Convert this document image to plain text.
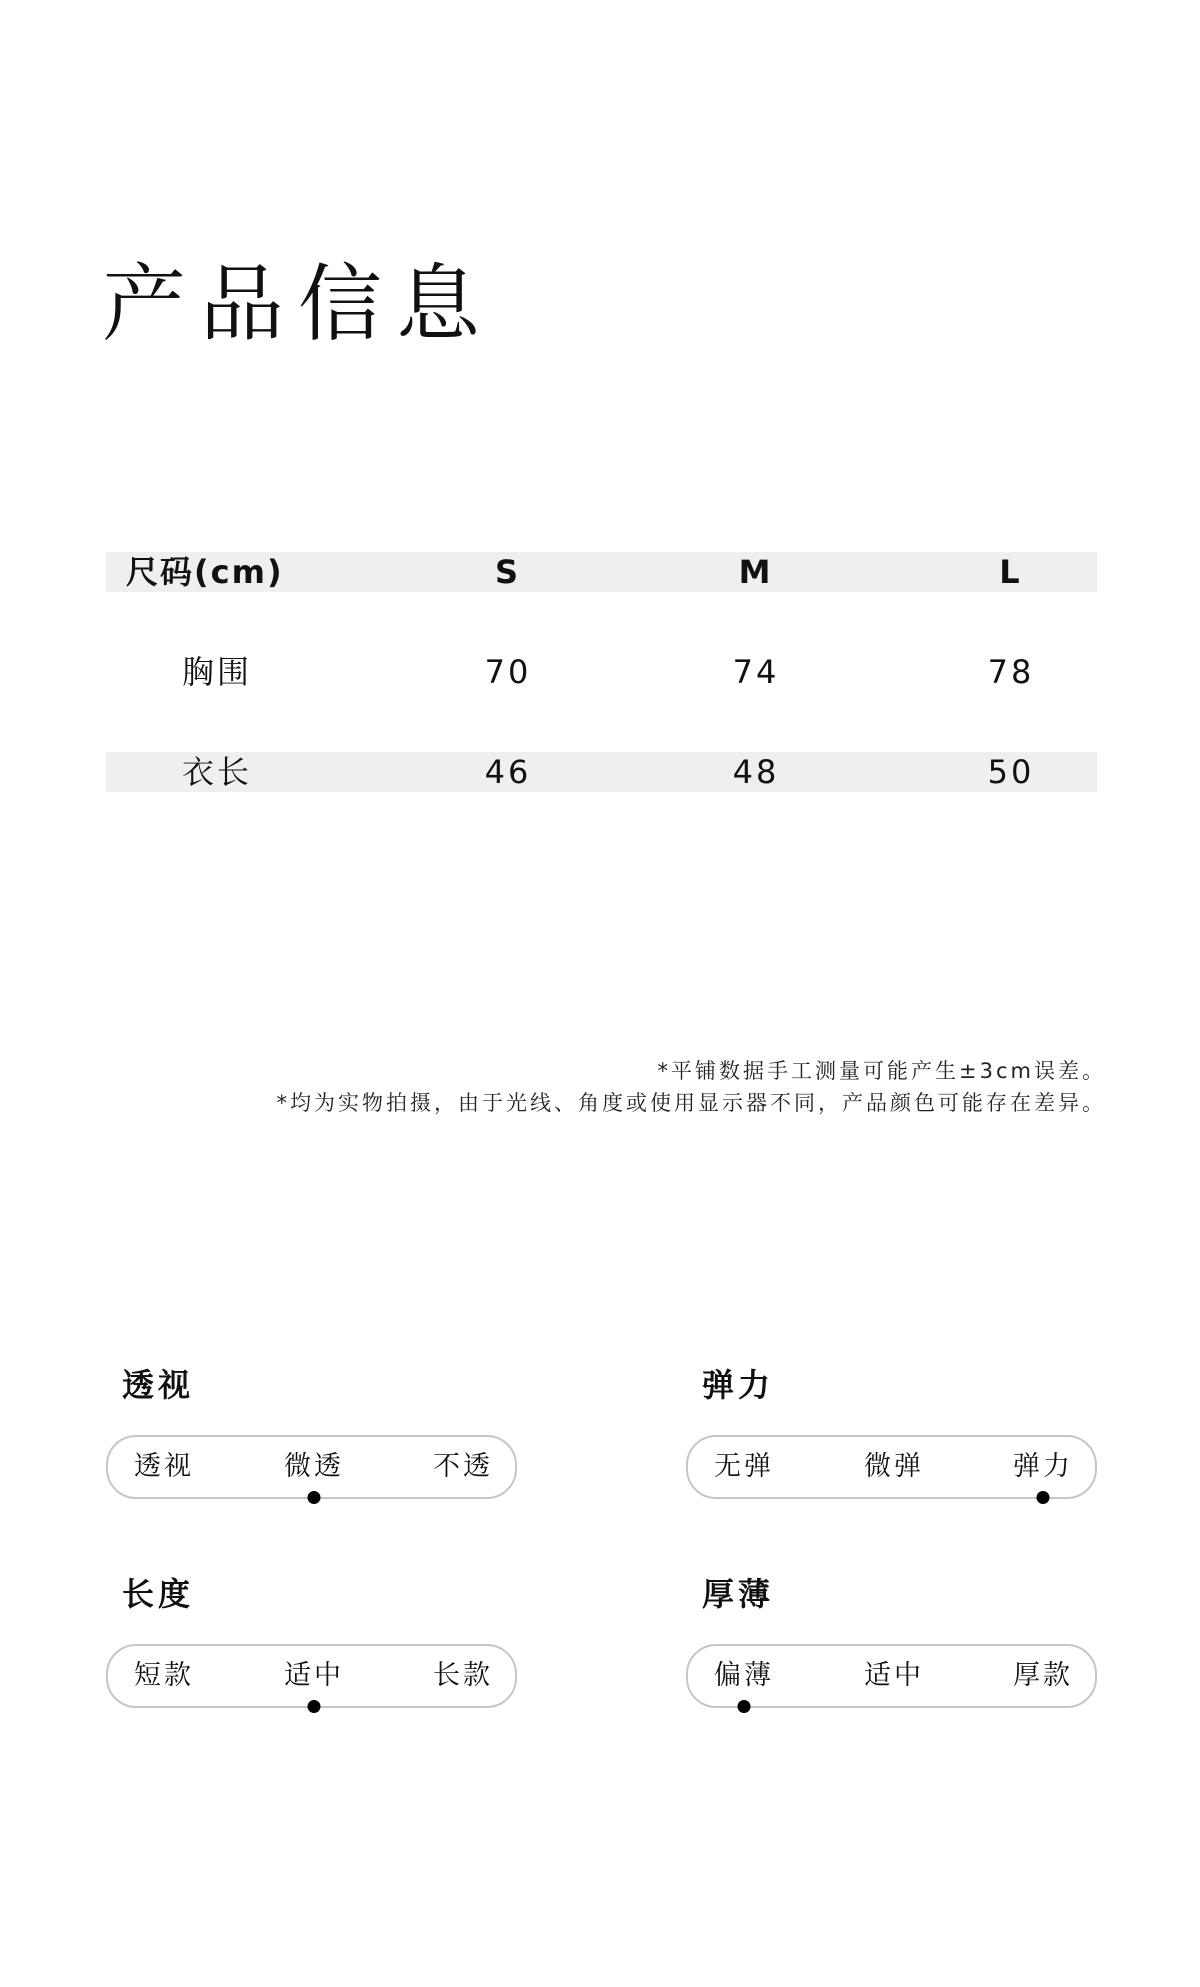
产品信息
尺码(cm)	S	M	L
胸围	70	74	78
衣长	46	48	50
*平铺数据手工测量可能产生±3cm误差。
*均为实物拍摄，由于光线、角度或使用显示器不同，产品颜色可能存在差异。
透视
透视	微透	不透
弹力
无弹	微弹	弹力
长度
短款	适中	长款
厚薄
偏薄	适中	厚款
